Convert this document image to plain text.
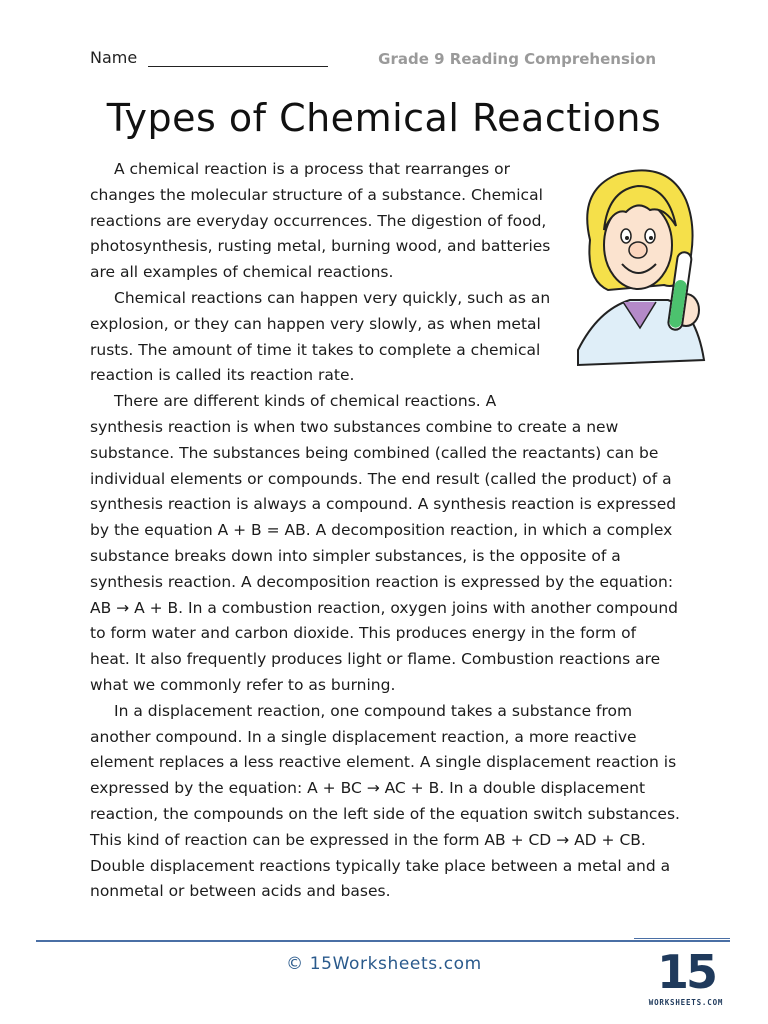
Name	Grade 9 Reading Comprehension
Types of Chemical Reactions

A chemical reaction is a process that rearranges or changes the molecular structure of a substance. Chemical reactions are everyday occurrences. The digestion of food, photosynthesis, rusting metal, burning wood, and batteries are all examples of chemical reactions.

Chemical reactions can happen very quickly, such as an explosion, or they can happen very slowly, as when metal rusts. The amount of time it takes to complete a chemical reaction is called its reaction rate.

There are different kinds of chemical reactions. A synthesis reaction is when two substances combine to create a new substance. The substances being combined (called the reactants) can be individual elements or compounds. The end result (called the product) of a synthesis reaction is always a compound. A synthesis reaction is expressed by the equation A + B = AB. A decomposition reaction, in which a complex substance breaks down into simpler substances, is the opposite of a synthesis reaction. A decomposition reaction is expressed by the equation: AB → A + B. In a combustion reaction, oxygen joins with another compound to form water and carbon dioxide. This produces energy in the form of heat. It also frequently produces light or flame. Combustion reactions are what we commonly refer to as burning.

In a displacement reaction, one compound takes a substance from another compound. In a single displacement reaction, a more reactive element replaces a less reactive element. A single displacement reaction is expressed by the equation: A + BC → AC + B. In a double displacement reaction, the compounds on the left side of the equation switch substances. This kind of reaction can be expressed in the form AB + CD → AD + CB. Double displacement reactions typically take place between a metal and a nonmetal or between acids and bases.

© 15Worksheets.com	15
WORKSHEETS.COM
